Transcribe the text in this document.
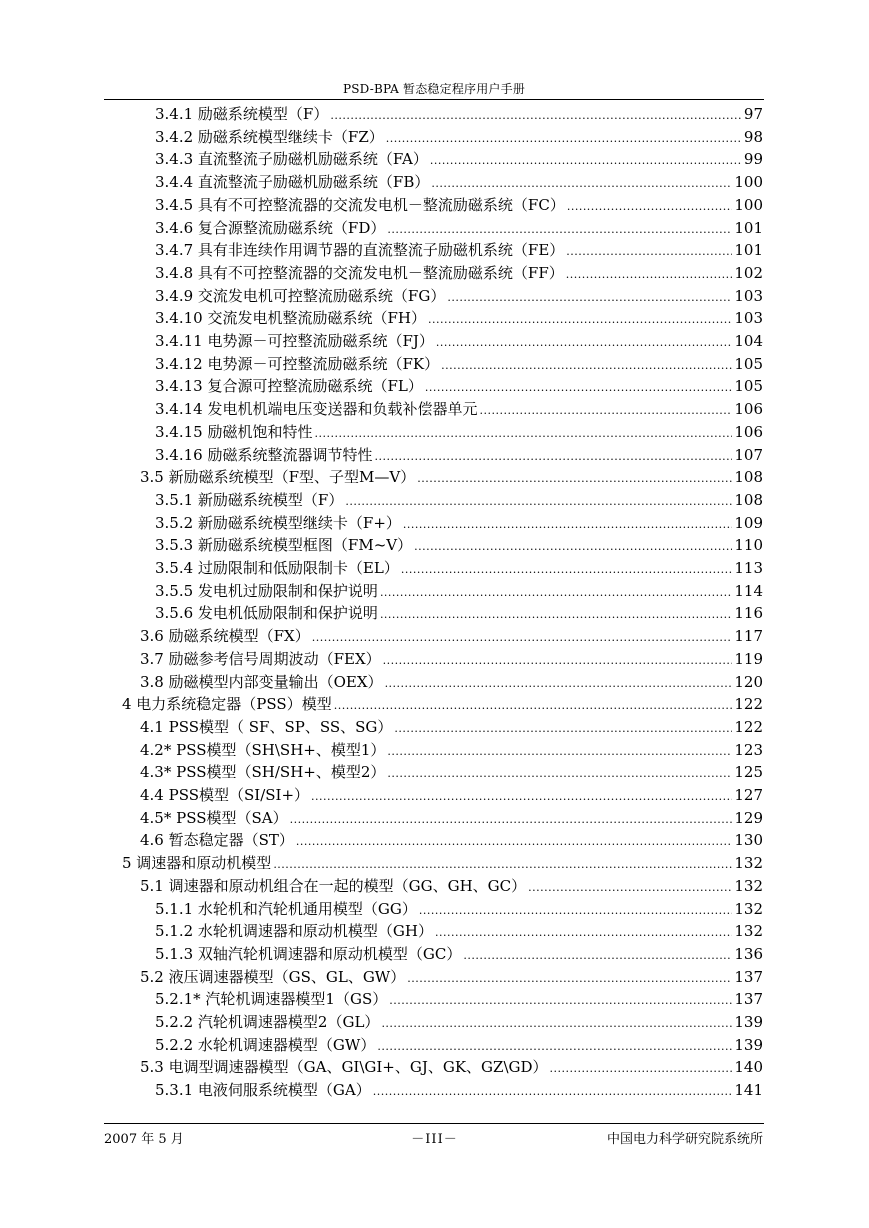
PSD-BPA 暂态稳定程序用户手册
3.4.1 励磁系统模型（F） .....	97
3.4.2 励磁系统模型继续卡（FZ） .....	98
3.4.3 直流整流子励磁机励磁系统（FA） .....	99
3.4.4 直流整流子励磁机励磁系统（FB） .....	100
3.4.5 具有不可控整流器的交流发电机－整流励磁系统（FC） .....	100
3.4.6 复合源整流励磁系统（FD） .....	101
3.4.7 具有非连续作用调节器的直流整流子励磁机系统（FE） .....	101
3.4.8 具有不可控整流器的交流发电机－整流励磁系统（FF） .....	102
3.4.9 交流发电机可控整流励磁系统（FG） .....	103
3.4.10 交流发电机整流励磁系统（FH） .....	103
3.4.11 电势源－可控整流励磁系统（FJ） .....	104
3.4.12 电势源－可控整流励磁系统（FK） .....	105
3.4.13 复合源可控整流励磁系统（FL） .....	105
3.4.14 发电机机端电压变送器和负载补偿器单元 .....	106
3.4.15 励磁机饱和特性 .....	106
3.4.16 励磁系统整流器调节特性 .....	107
3.5 新励磁系统模型（F型、子型M—V） .....	108
3.5.1 新励磁系统模型（F） .....	108
3.5.2 新励磁系统模型继续卡（F+） .....	109
3.5.3 新励磁系统模型框图（FM~V） .....	110
3.5.4 过励限制和低励限制卡（EL） .....	113
3.5.5 发电机过励限制和保护说明 .....	114
3.5.6 发电机低励限制和保护说明 .....	116
3.6 励磁系统模型（FX） .....	117
3.7 励磁参考信号周期波动（FEX） .....	119
3.8 励磁模型内部变量输出（OEX） .....	120
4 电力系统稳定器（PSS）模型 .....	122
4.1 PSS模型（ SF、SP、SS、SG） .....	122
4.2* PSS模型（SH\SH+、模型1） .....	123
4.3* PSS模型（SH/SH+、模型2） .....	125
4.4 PSS模型（SI/SI+） .....	127
4.5* PSS模型（SA） .....	129
4.6 暂态稳定器（ST） .....	130
5 调速器和原动机模型 .....	132
5.1 调速器和原动机组合在一起的模型（GG、GH、GC） .....	132
5.1.1 水轮机和汽轮机通用模型（GG） .....	132
5.1.2 水轮机调速器和原动机模型（GH） .....	132
5.1.3 双轴汽轮机调速器和原动机模型（GC） .....	136
5.2 液压调速器模型（GS、GL、GW） .....	137
5.2.1* 汽轮机调速器模型1（GS） .....	137
5.2.2 汽轮机调速器模型2（GL） .....	139
5.2.2 水轮机调速器模型（GW） .....	139
5.3 电调型调速器模型（GA、GI\GI+、GJ、GK、GZ\GD） .....	140
5.3.1 电液伺服系统模型（GA） .....	141
2007 年 5 月	－III－	中国电力科学研究院系统所
